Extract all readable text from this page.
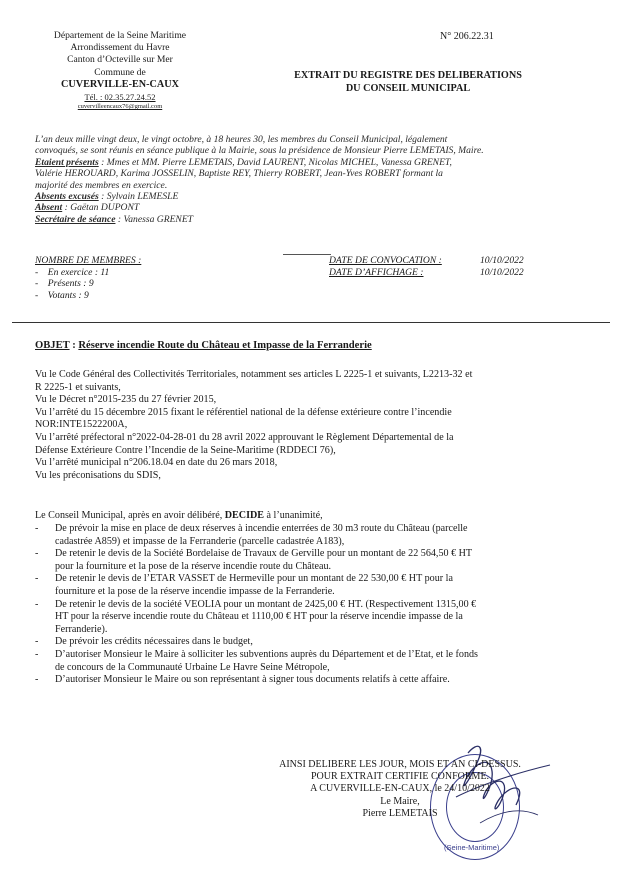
Département de la Seine Maritime
Arrondissement du Havre
Canton d’Octeville sur Mer
Commune de
CUVERVILLE-EN-CAUX
Tél. : 02.35.27.24.52
cuvervilleencaux76@gmail.com
N° 206.22.31
EXTRAIT DU REGISTRE DES DELIBERATIONS
DU CONSEIL MUNICIPAL
L’an deux mille vingt deux, le vingt octobre, à 18 heures 30, les membres du Conseil Municipal, légalement
convoqués, se sont réunis en séance publique à la Mairie, sous la présidence de Monsieur Pierre LEMETAIS, Maire.
Etaient présents : Mmes et MM. Pierre LEMETAIS, David LAURENT, Nicolas MICHEL, Vanessa GRENET,
Valérie HEROUARD, Karima JOSSELIN, Baptiste REY, Thierry ROBERT, Jean-Yves ROBERT formant la
majorité des membres en exercice.
Absents excusés : Sylvain LEMESLE
Absent : Gaëtan DUPONT
Secrétaire de séance : Vanessa GRENET
NOMBRE DE MEMBRES :
- En exercice : 11
- Présents : 9
- Votants : 9
DATE DE CONVOCATION :	10/10/2022
DATE D’AFFICHAGE :	10/10/2022
OBJET : Réserve incendie Route du Château et Impasse de la Ferranderie
Vu le Code Général des Collectivités Territoriales, notamment ses articles L 2225-1 et suivants, L2213-32 et
R 2225-1 et suivants,
Vu le Décret n°2015-235 du 27 février 2015,
Vu l’arrêté du 15 décembre 2015 fixant le référentiel national de la défense extérieure contre l’incendie
NOR:INTE1522200A,
Vu l’arrêté préfectoral n°2022-04-28-01 du 28 avril 2022 approuvant le Règlement Départemental de la
Défense Extérieure Contre l’Incendie de la Seine-Maritime (RDDECI 76),
Vu l’arrêté municipal n°206.18.04 en date du 26 mars 2018,
Vu les préconisations du SDIS,
Le Conseil Municipal, après en avoir délibéré, DECIDE à l’unanimité,
- De prévoir la mise en place de deux réserves à incendie enterrées de 30 m3 route du Château (parcelle
cadastrée A859) et impasse de la Ferranderie (parcelle cadastrée A183),
- De retenir le devis de la Société Bordelaise de Travaux de Gerville pour un montant de 22 564,50 € HT
pour la fourniture et la pose de la réserve incendie route du Château.
- De retenir le devis de l’ETAR VASSET de Hermeville pour un montant de 22 530,00 € HT pour la
fourniture et la pose de la réserve incendie impasse de la Ferranderie.
- De retenir le devis de la société VEOLIA pour un montant de 2425,00 € HT. (Respectivement 1315,00 €
HT pour la réserve incendie route du Château et 1110,00 € HT pour la réserve incendie impasse de la
Ferranderie).
- De prévoir les crédits nécessaires dans le budget,
- D’autoriser Monsieur le Maire à solliciter les subventions auprès du Département et de l’Etat, et le fonds
de concours de la Communauté Urbaine Le Havre Seine Métropole,
- D’autoriser Monsieur le Maire ou son représentant à signer tous documents relatifs à cette affaire.
(Seine-Maritime)
AINSI DELIBERE LES JOUR, MOIS ET AN CI-DESSUS.
POUR EXTRAIT CERTIFIE CONFORME.
A CUVERVILLE-EN-CAUX, le 24/10/2022
Le Maire,
Pierre LEMETAIS
